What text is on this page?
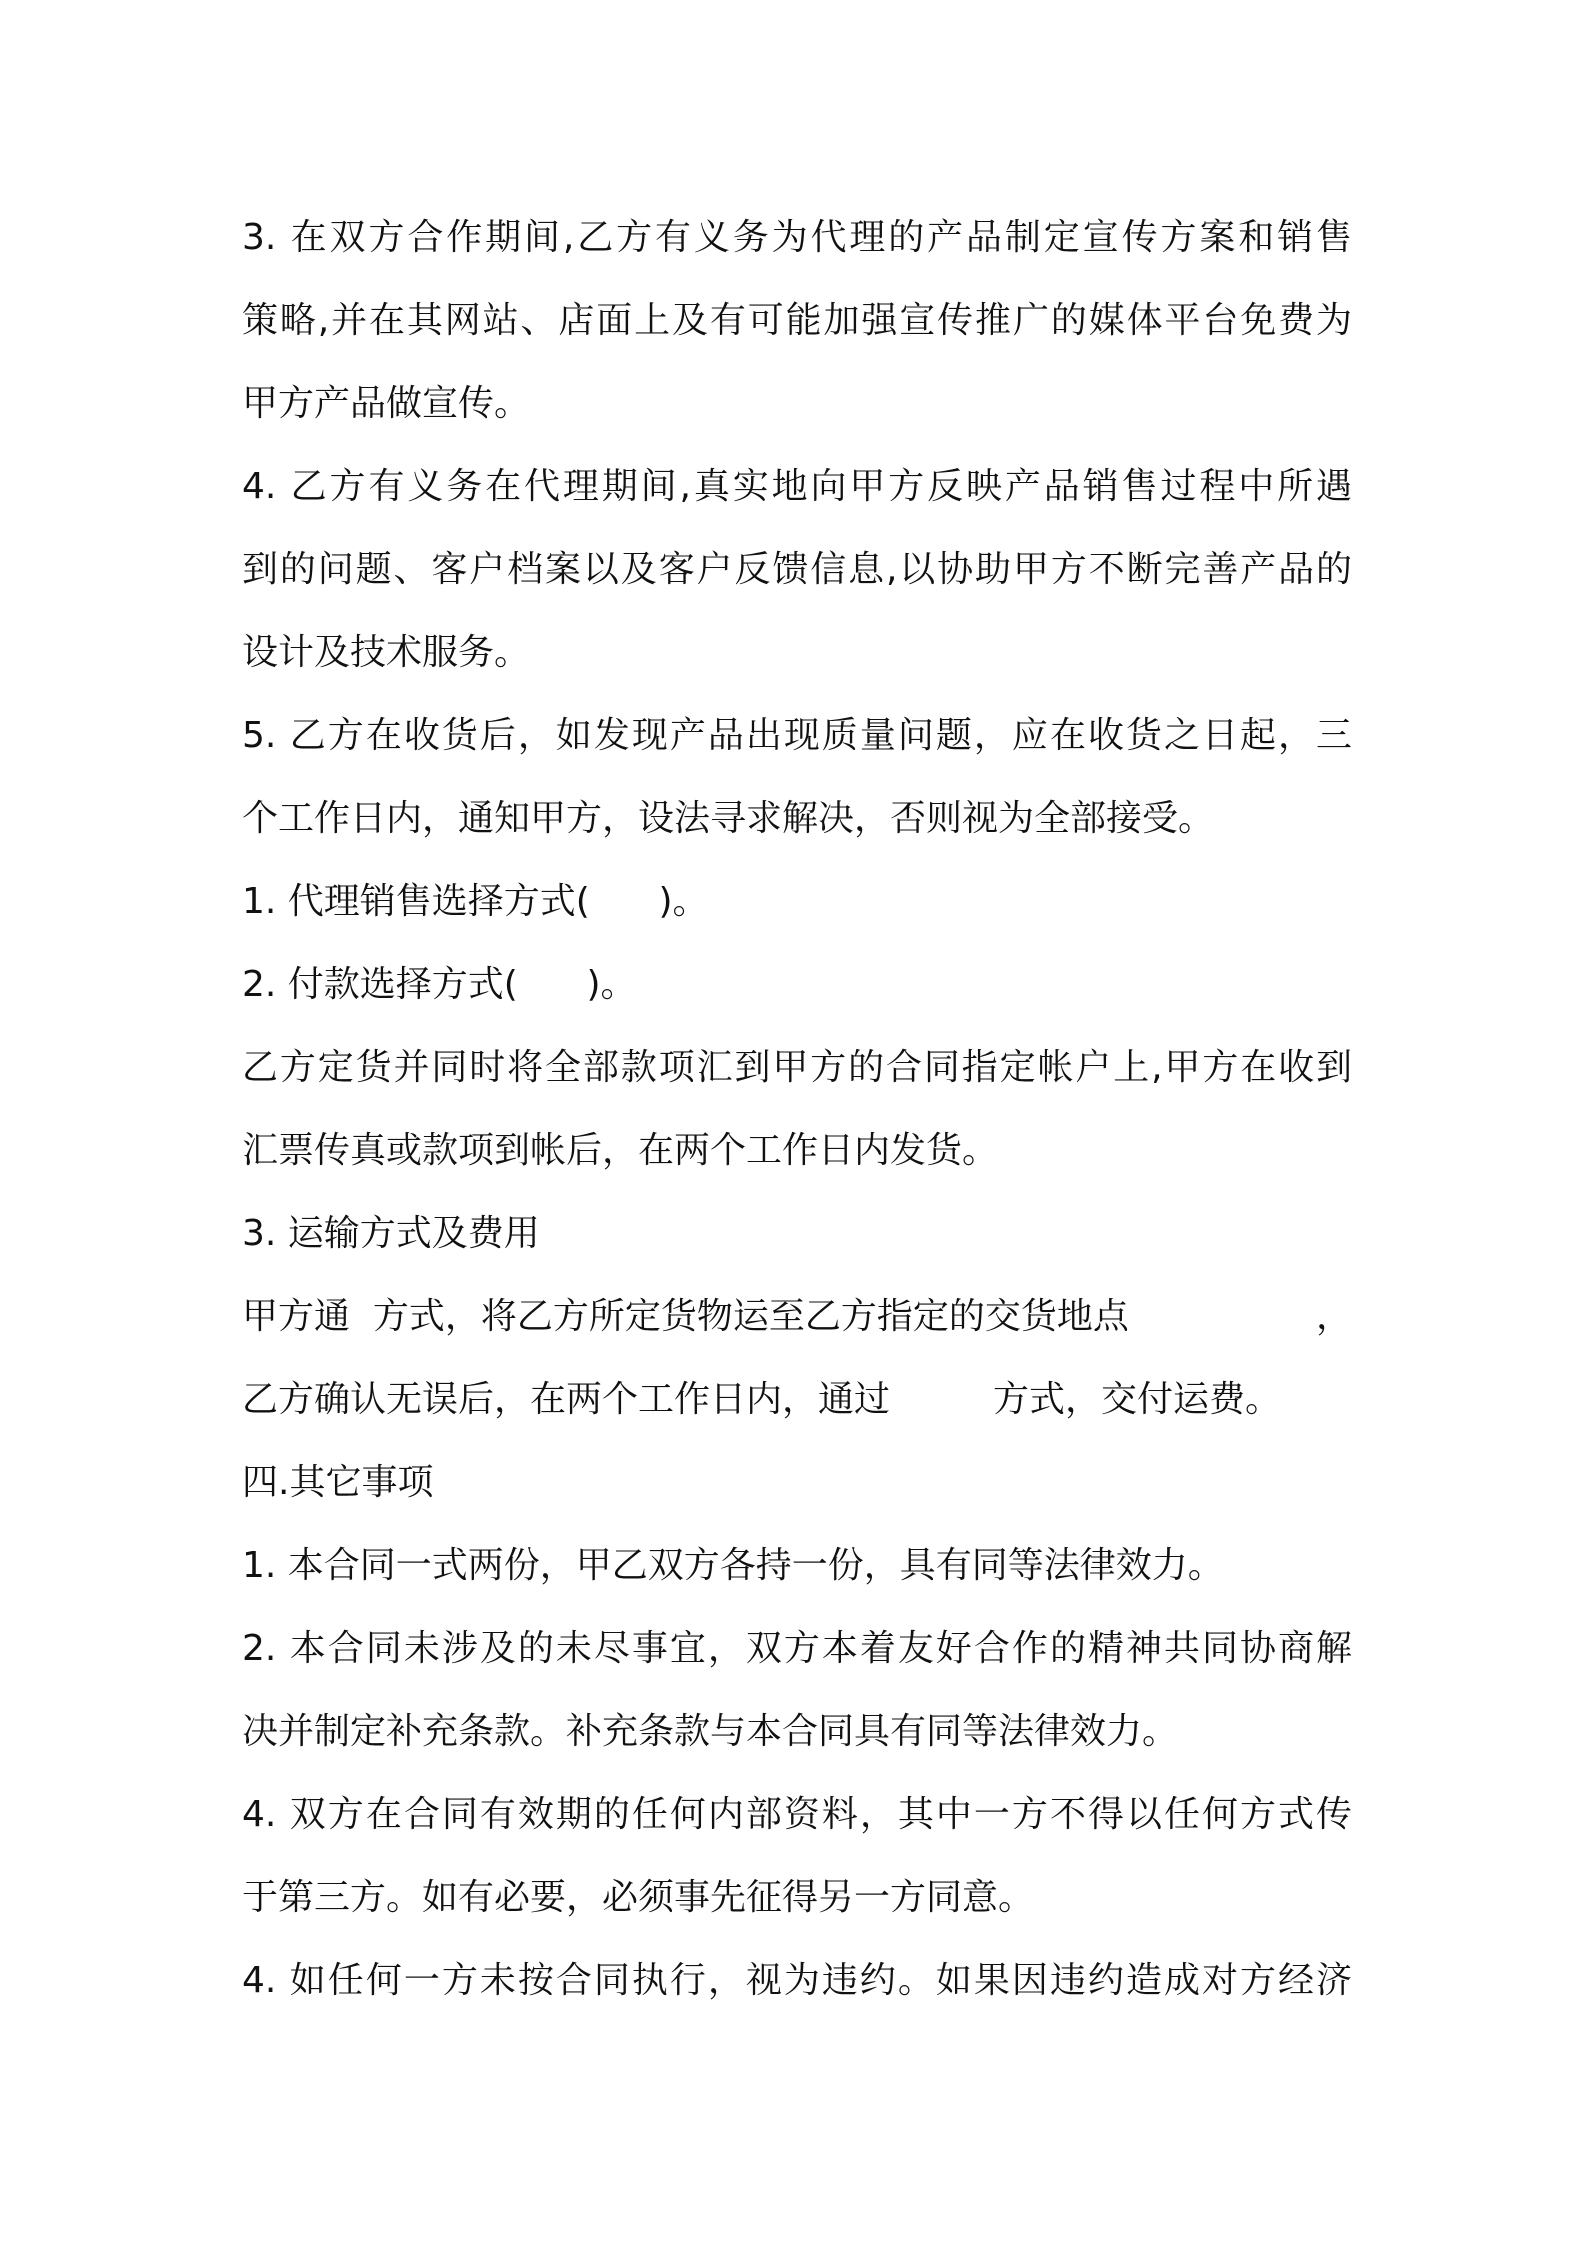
3. 在双方合作期间,乙方有义务为代理的产品制定宣传方案和销售
策略,并在其网站、店面上及有可能加强宣传推广的媒体平台免费为
甲方产品做宣传。
4. 乙方有义务在代理期间,真实地向甲方反映产品销售过程中所遇
到的问题、客户档案以及客户反馈信息,以协助甲方不断完善产品的
设计及技术服务。
5. 乙方在收货后，如发现产品出现质量问题，应在收货之日起，三
个工作日内，通知甲方，设法寻求解决，否则视为全部接受。
1. 代理销售选择方式(      )。
2. 付款选择方式(      )。
乙方定货并同时将全部款项汇到甲方的合同指定帐户上,甲方在收到
汇票传真或款项到帐后，在两个工作日内发货。
3. 运输方式及费用
甲方通  方式，将乙方所定货物运至乙方指定的交货地点	，
乙方确认无误后，在两个工作日内，通过         方式，交付运费。
四.其它事项
1. 本合同一式两份，甲乙双方各持一份，具有同等法律效力。
2. 本合同未涉及的未尽事宜，双方本着友好合作的精神共同协商解
决并制定补充条款。补充条款与本合同具有同等法律效力。
4. 双方在合同有效期的任何内部资料，其中一方不得以任何方式传
于第三方。如有必要，必须事先征得另一方同意。
4. 如任何一方未按合同执行，视为违约。如果因违约造成对方经济
